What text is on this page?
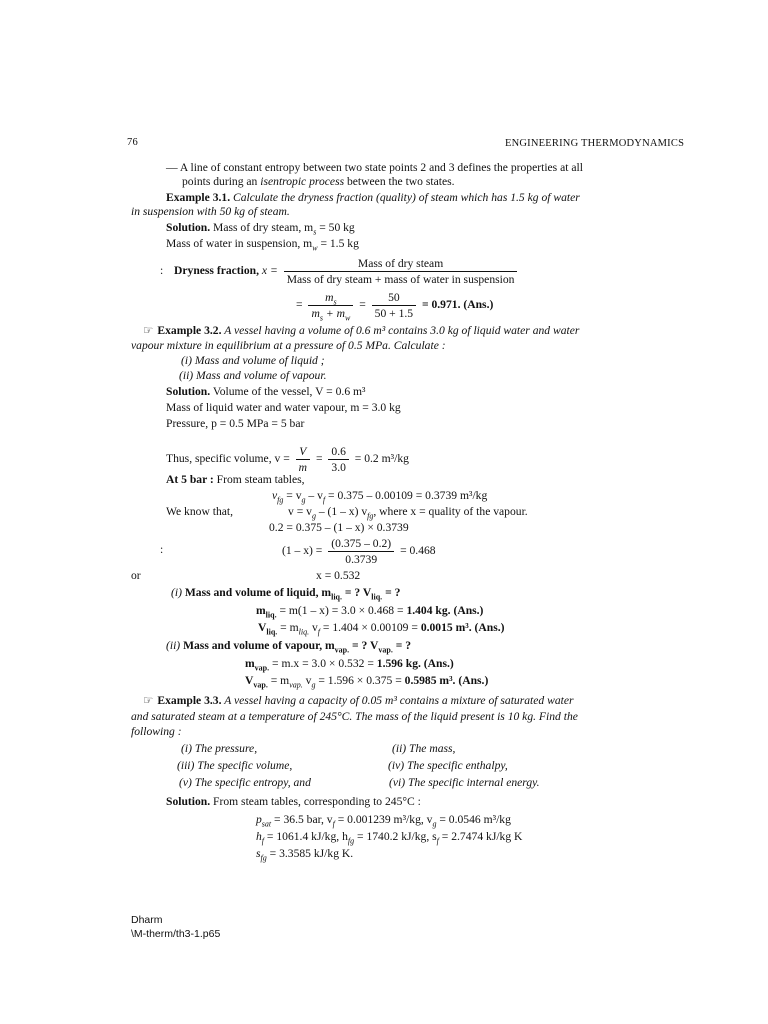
76	ENGINEERING THERMODYNAMICS
— A line of constant entropy between two state points 2 and 3 defines the properties at all
points during an isentropic process between the two states.
Example 3.1. Calculate the dryness fraction (quality) of steam which has 1.5 kg of water
in suspension with 50 kg of steam.
Solution. Mass of dry steam, $m_s = 50$ kg
Mass of water in suspension, $m_w = 1.5$ kg
: Dryness fraction, x =
Mass of dry steam
Mass of dry steam + mass of water in suspension
= $\frac{m_s}{m_s + m_w} = \frac{50}{50 + 1.5} = 0.971$. (Ans.)
☞ Example 3.2. A vessel having a volume of 0.6 m³ contains 3.0 kg of liquid water and water
vapour mixture in equilibrium at a pressure of 0.5 MPa. Calculate :
(i) Mass and volume of liquid ;
(ii) Mass and volume of vapour.
Solution. Volume of the vessel, V = 0.6 m³
Mass of liquid water and water vapour, m = 3.0 kg
Pressure, p = 0.5 MPa = 5 bar
Thus, specific volume, $v = \frac{V}{m} = \frac{0.6}{3.0} = 0.2$ m³/kg
At 5 bar : From steam tables,
$v_{fg} = v_g - v_f = 0.375 - 0.00109 = 0.3739$ m³/kg
We know that,	$v = v_g - (1 - x)$ $v_{fg}$, where x = quality of the vapour.
0.2 = 0.375 – (1 – x) × 0.3739
:	$(1 - x) = \frac{(0.375 - 0.2)}{0.3739} = 0.468$
or	x = 0.532
(i) Mass and volume of liquid, $m_{liq.}$ = ? $V_{liq.}$ = ?
$m_{liq.} = m(1 - x) = 3.0 \times 0.468 = 1.404$ kg. (Ans.)
$V_{liq.} = m_{liq.}$ $v_f = 1.404 \times 0.00109 = 0.0015$ m³. (Ans.)
(ii) Mass and volume of vapour, $m_{vap.}$ = ? $V_{vap.}$ = ?
$m_{vap.} = m.x = 3.0 \times 0.532 = 1.596$ kg. (Ans.)
$V_{vap.} = m_{vap.}$ $v_g = 1.596 \times 0.375 = 0.5985$ m³. (Ans.)
☞ Example 3.3. A vessel having a capacity of 0.05 m³ contains a mixture of saturated water
and saturated steam at a temperature of 245°C. The mass of the liquid present is 10 kg. Find the
following :
(i) The pressure,	(ii) The mass,
(iii) The specific volume,	(iv) The specific enthalpy,
(v) The specific entropy, and	(vi) The specific internal energy.
Solution. From steam tables, corresponding to 245°C :
$p_{sat} = 36.5$ bar, $v_f = 0.001239$ m³/kg, $v_g = 0.0546$ m³/kg
$h_f = 1061.4$ kJ/kg, $h_{fg} = 1740.2$ kJ/kg, $s_f = 2.7474$ kJ/kg K
$s_{fg} = 3.3585$ kJ/kg K.
Dharm
\M-therm/th3-1.p65
